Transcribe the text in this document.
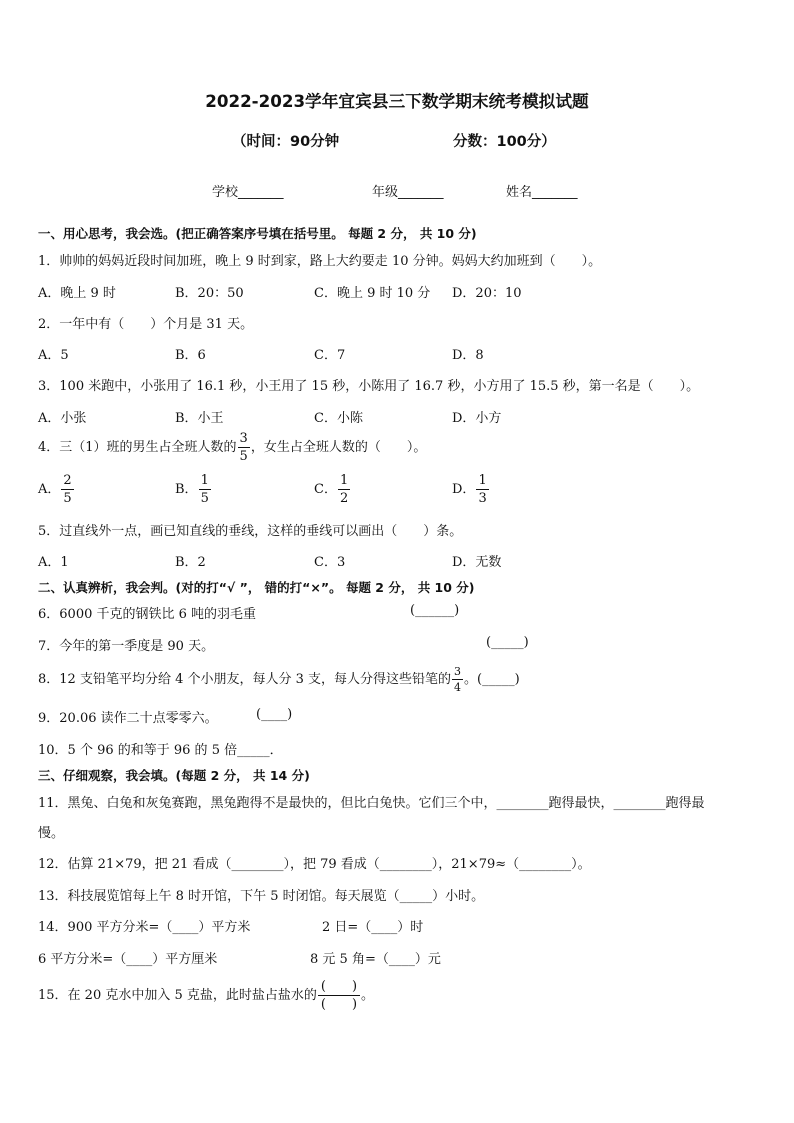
2022-2023学年宜宾县三下数学期末统考模拟试题
（时间：90分钟	分数：100分）
学校_______	年级_______	姓名_______
一、用心思考，我会选。(把正确答案序号填在括号里。 每题 2 分， 共 10 分)
1．帅帅的妈妈近段时间加班，晚上 9 时到家，路上大约要走 10 分钟。妈妈大约加班到（　　）。
A．晚上 9 时	B．20：50	C．晚上 9 时 10 分 D．20：10
2．一年中有（　　）个月是 31 天。
A．5	B．6	C．7	D．8
3．100 米跑中，小张用了 16.1 秒，小王用了 15 秒，小陈用了 16.7 秒，小方用了 15.5 秒，第一名是（　　）。
A．小张	B．小王	C．小陈	D．小方
4．三（1）班的男生占全班人数的 $\frac{3}{5}$ ，女生占全班人数的（　　）。
A． $\frac{2}{5}$	B． $\frac{1}{5}$	C． $\frac{1}{2}$	D． $\frac{1}{3}$
5．过直线外一点，画已知直线的垂线，这样的垂线可以画出（　　）条。
A．1	B．2	C．3	D．无数
二、认真辨析，我会判。(对的打“√ ”， 错的打“×”。 每题 2 分， 共 10 分)
6．6000 千克的钢铁比 6 吨的羽毛重	(______)
7．今年的第一季度是 90 天。	(_____)
8．12 支铅笔平均分给 4 个小朋友，每人分 3 支，每人分得这些铅笔的 $\frac{3}{4}$ 。(_____)
9．20.06 读作二十点零零六。	(____)
10．5 个 96 的和等于 96 的 5 倍_____．
三、仔细观察，我会填。(每题 2 分， 共 14 分)
11．黑兔、白兔和灰兔赛跑，黑兔跑得不是最快的，但比白兔快。它们三个中，________跑得最快，________跑得最
慢。
12．估算 21×79，把 21 看成（________），把 79 看成（________），21×79≈（________）。
13．科技展览馆每上午 8 时开馆，下午 5 时闭馆。每天展览（_____）小时。
14．900 平方分米=（____）平方米	2 日=（____）时
6 平方分米=（____）平方厘米	8 元 5 角=（____）元
15．在 20 克水中加入 5 克盐，此时盐占盐水的 $\frac{( )}{( )}$ 。
